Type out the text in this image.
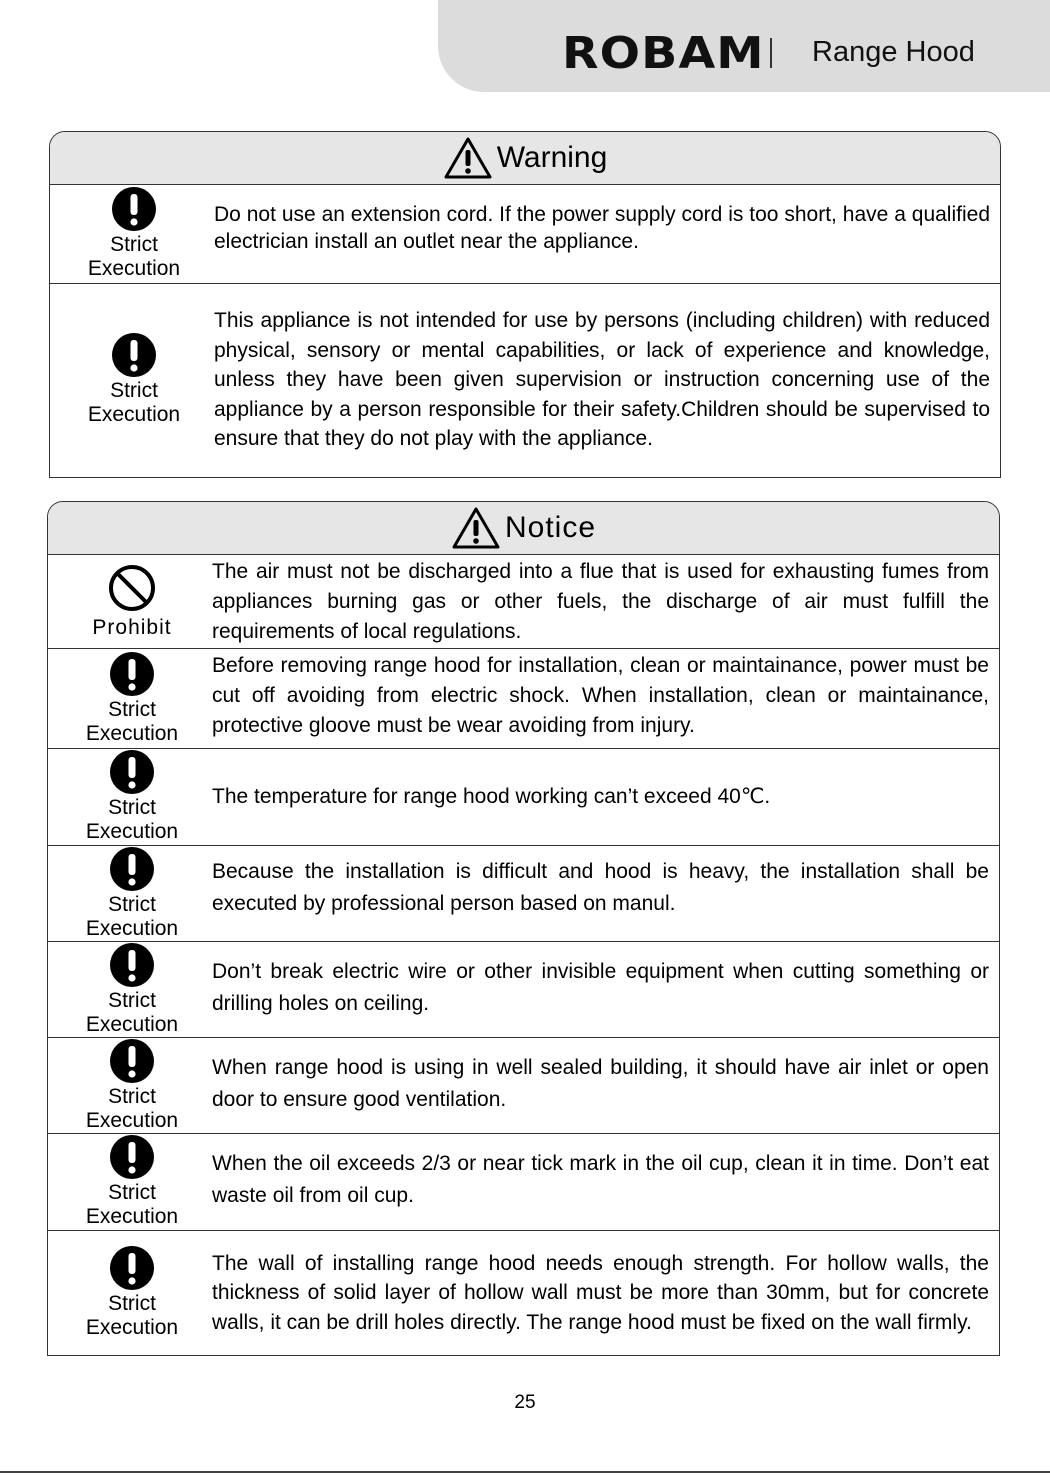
ROBAM Range Hood
Warning
Strict
Execution
Do not use an extension cord. If the power supply cord is too short, have a qualified electrician install an outlet near the appliance.
Strict
Execution
This appliance is not intended for use by persons (including children) with reduced physical, sensory or mental capabilities, or lack of experience and knowledge, unless they have been given supervision or instruction concerning use of the appliance by a person responsible for their safety.Children should be supervised to ensure that they do not play with the appliance.
Notice
Prohibit
The air must not be discharged into a flue that is used for exhausting fumes from appliances burning gas or other fuels, the discharge of air must fulfill the requirements of local regulations.
Strict
Execution
Before removing range hood for installation, clean or maintainance, power must be cut off avoiding from electric shock. When installation, clean or maintainance, protective gloove must be wear avoiding from injury.
Strict
Execution
The temperature for range hood working can’t exceed 40℃.
Strict
Execution
Because the installation is difficult and hood is heavy, the installation shall be executed by professional person based on manul.
Strict
Execution
Don’t break electric wire or other invisible equipment when cutting something or drilling holes on ceiling.
Strict
Execution
When range hood is using in well sealed building, it should have air inlet or open door to ensure good ventilation.
Strict
Execution
When the oil exceeds 2/3 or near tick mark in the oil cup, clean it in time. Don’t eat waste oil from oil cup.
Strict
Execution
The wall of installing range hood needs enough strength. For hollow walls, the thickness of solid layer of hollow wall must be more than 30mm, but for concrete walls, it can be drill holes directly. The range hood must be fixed on the wall firmly.
25
